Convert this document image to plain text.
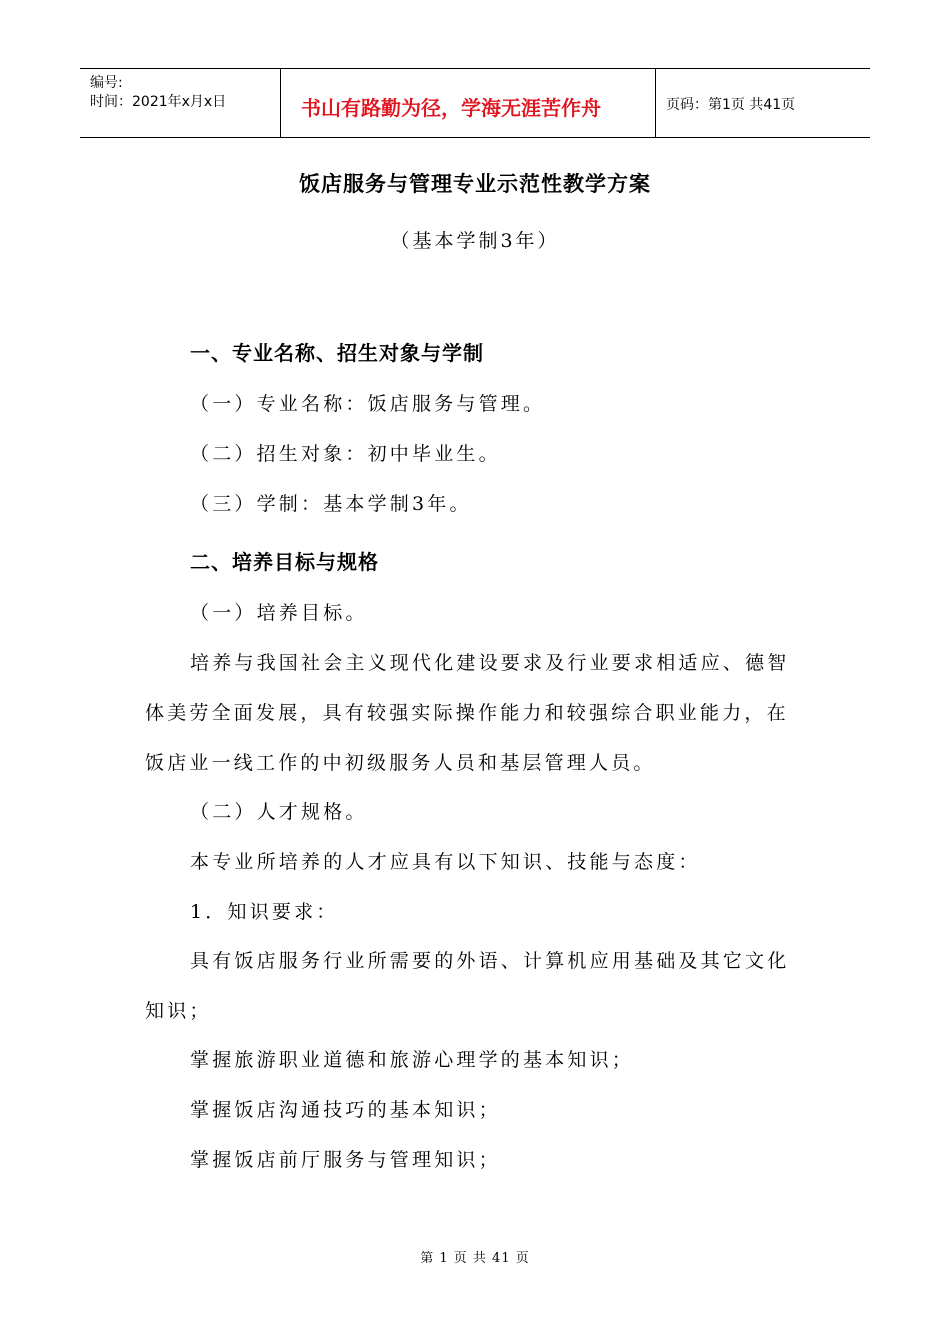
编号:
时间：2021年x月x日	书山有路勤为径，学海无涯苦作舟	页码：第1页 共41页
饭店服务与管理专业示范性教学方案
（基本学制3年）
一、专业名称、招生对象与学制
（一）专业名称：饭店服务与管理。
（二）招生对象：初中毕业生。
（三）学制：基本学制3年。
二、培养目标与规格
（一）培养目标。
培养与我国社会主义现代化建设要求及行业要求相适应、德智
体美劳全面发展，具有较强实际操作能力和较强综合职业能力，在
饭店业一线工作的中初级服务人员和基层管理人员。
（二）人才规格。
本专业所培养的人才应具有以下知识、技能与态度：
1．知识要求：
具有饭店服务行业所需要的外语、计算机应用基础及其它文化
知识；
掌握旅游职业道德和旅游心理学的基本知识；
掌握饭店沟通技巧的基本知识；
掌握饭店前厅服务与管理知识；
第 1 页 共 41 页
